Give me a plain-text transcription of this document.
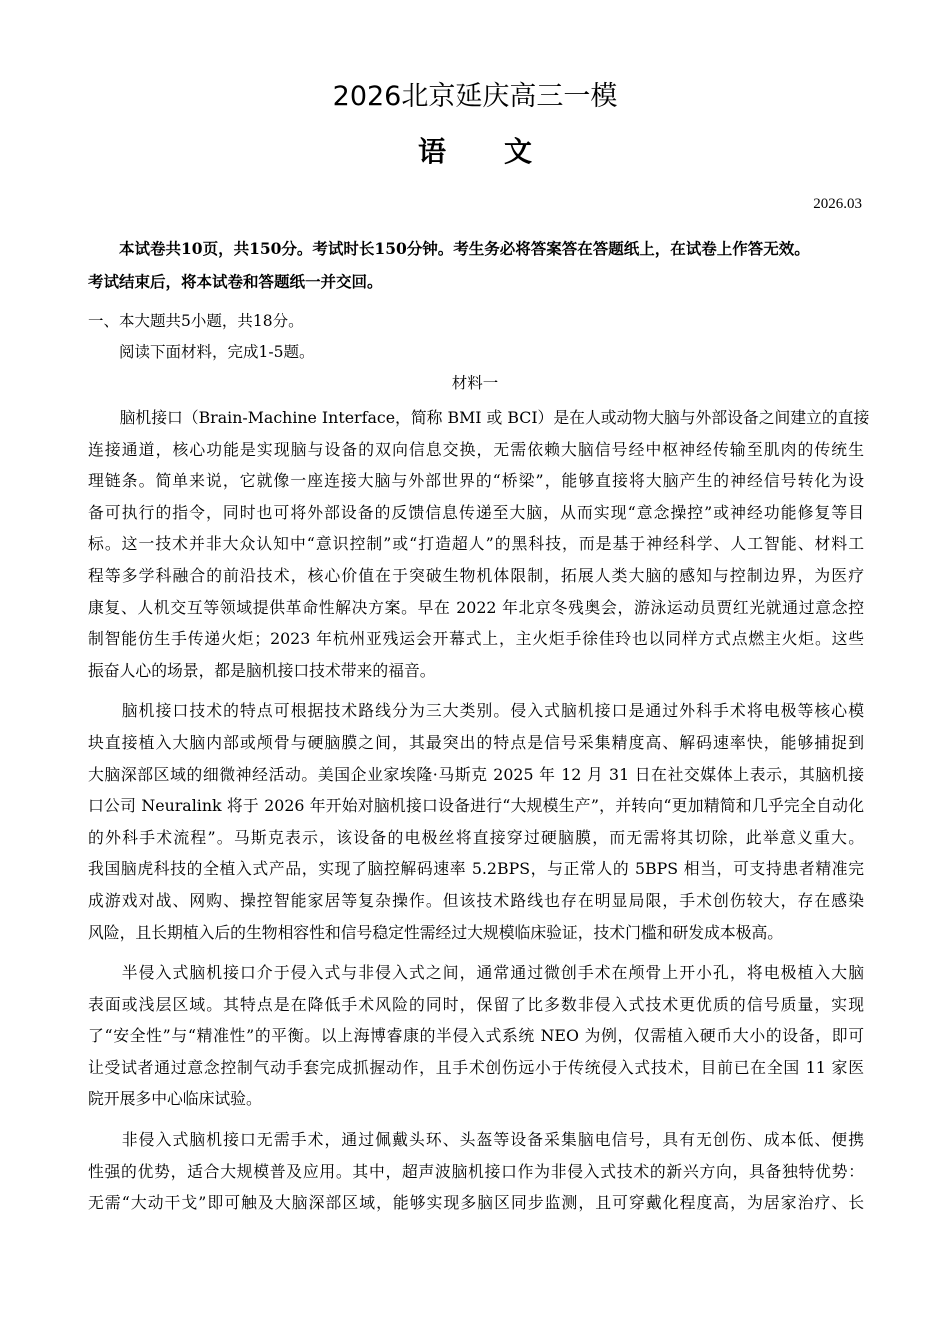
2026北京延庆高三一模
语文
2026.03
　　本试卷共10页，共150分。考试时长150分钟。考生务必将答案答在答题纸上，在试卷上作答无效。
考试结束后，将本试卷和答题纸一并交回。
一、本大题共5小题，共18分。
阅读下面材料，完成1-5题。
材料一
　　脑机接口（Brain-Machine Interface，简称 BMI 或 BCI）是在人或动物大脑与外部设备之间建立的直接
连接通道，核心功能是实现脑与设备的双向信息交换，无需依赖大脑信号经中枢神经传输至肌肉的传统生
理链条。简单来说，它就像一座连接大脑与外部世界的“桥梁”，能够直接将大脑产生的神经信号转化为设
备可执行的指令，同时也可将外部设备的反馈信息传递至大脑，从而实现“意念操控”或神经功能修复等目
标。这一技术并非大众认知中“意识控制”或“打造超人”的黑科技，而是基于神经科学、人工智能、材料工
程等多学科融合的前沿技术，核心价值在于突破生物机体限制，拓展人类大脑的感知与控制边界，为医疗
康复、人机交互等领域提供革命性解决方案。早在 2022 年北京冬残奥会，游泳运动员贾红光就通过意念控
制智能仿生手传递火炬；2023 年杭州亚残运会开幕式上，主火炬手徐佳玲也以同样方式点燃主火炬。这些
振奋人心的场景，都是脑机接口技术带来的福音。
　　脑机接口技术的特点可根据技术路线分为三大类别。侵入式脑机接口是通过外科手术将电极等核心模
块直接植入大脑内部或颅骨与硬脑膜之间，其最突出的特点是信号采集精度高、解码速率快，能够捕捉到
大脑深部区域的细微神经活动。美国企业家埃隆·马斯克 2025 年 12 月 31 日在社交媒体上表示，其脑机接
口公司 Neuralink 将于 2026 年开始对脑机接口设备进行“大规模生产”，并转向“更加精简和几乎完全自动化
的外科手术流程”。马斯克表示，该设备的电极丝将直接穿过硬脑膜，而无需将其切除，此举意义重大。
我国脑虎科技的全植入式产品，实现了脑控解码速率 5.2BPS，与正常人的 5BPS 相当，可支持患者精准完
成游戏对战、网购、操控智能家居等复杂操作。但该技术路线也存在明显局限，手术创伤较大，存在感染
风险，且长期植入后的生物相容性和信号稳定性需经过大规模临床验证，技术门槛和研发成本极高。
　　半侵入式脑机接口介于侵入式与非侵入式之间，通常通过微创手术在颅骨上开小孔，将电极植入大脑
表面或浅层区域。其特点是在降低手术风险的同时，保留了比多数非侵入式技术更优质的信号质量，实现
了“安全性”与“精准性”的平衡。以上海博睿康的半侵入式系统 NEO 为例，仅需植入硬币大小的设备，即可
让受试者通过意念控制气动手套完成抓握动作，且手术创伤远小于传统侵入式技术，目前已在全国 11 家医
院开展多中心临床试验。
　　非侵入式脑机接口无需手术，通过佩戴头环、头盔等设备采集脑电信号，具有无创伤、成本低、便携
性强的优势，适合大规模普及应用。其中，超声波脑机接口作为非侵入式技术的新兴方向，具备独特优势：
无需“大动干戈”即可触及大脑深部区域，能够实现多脑区同步监测，且可穿戴化程度高，为居家治疗、长
